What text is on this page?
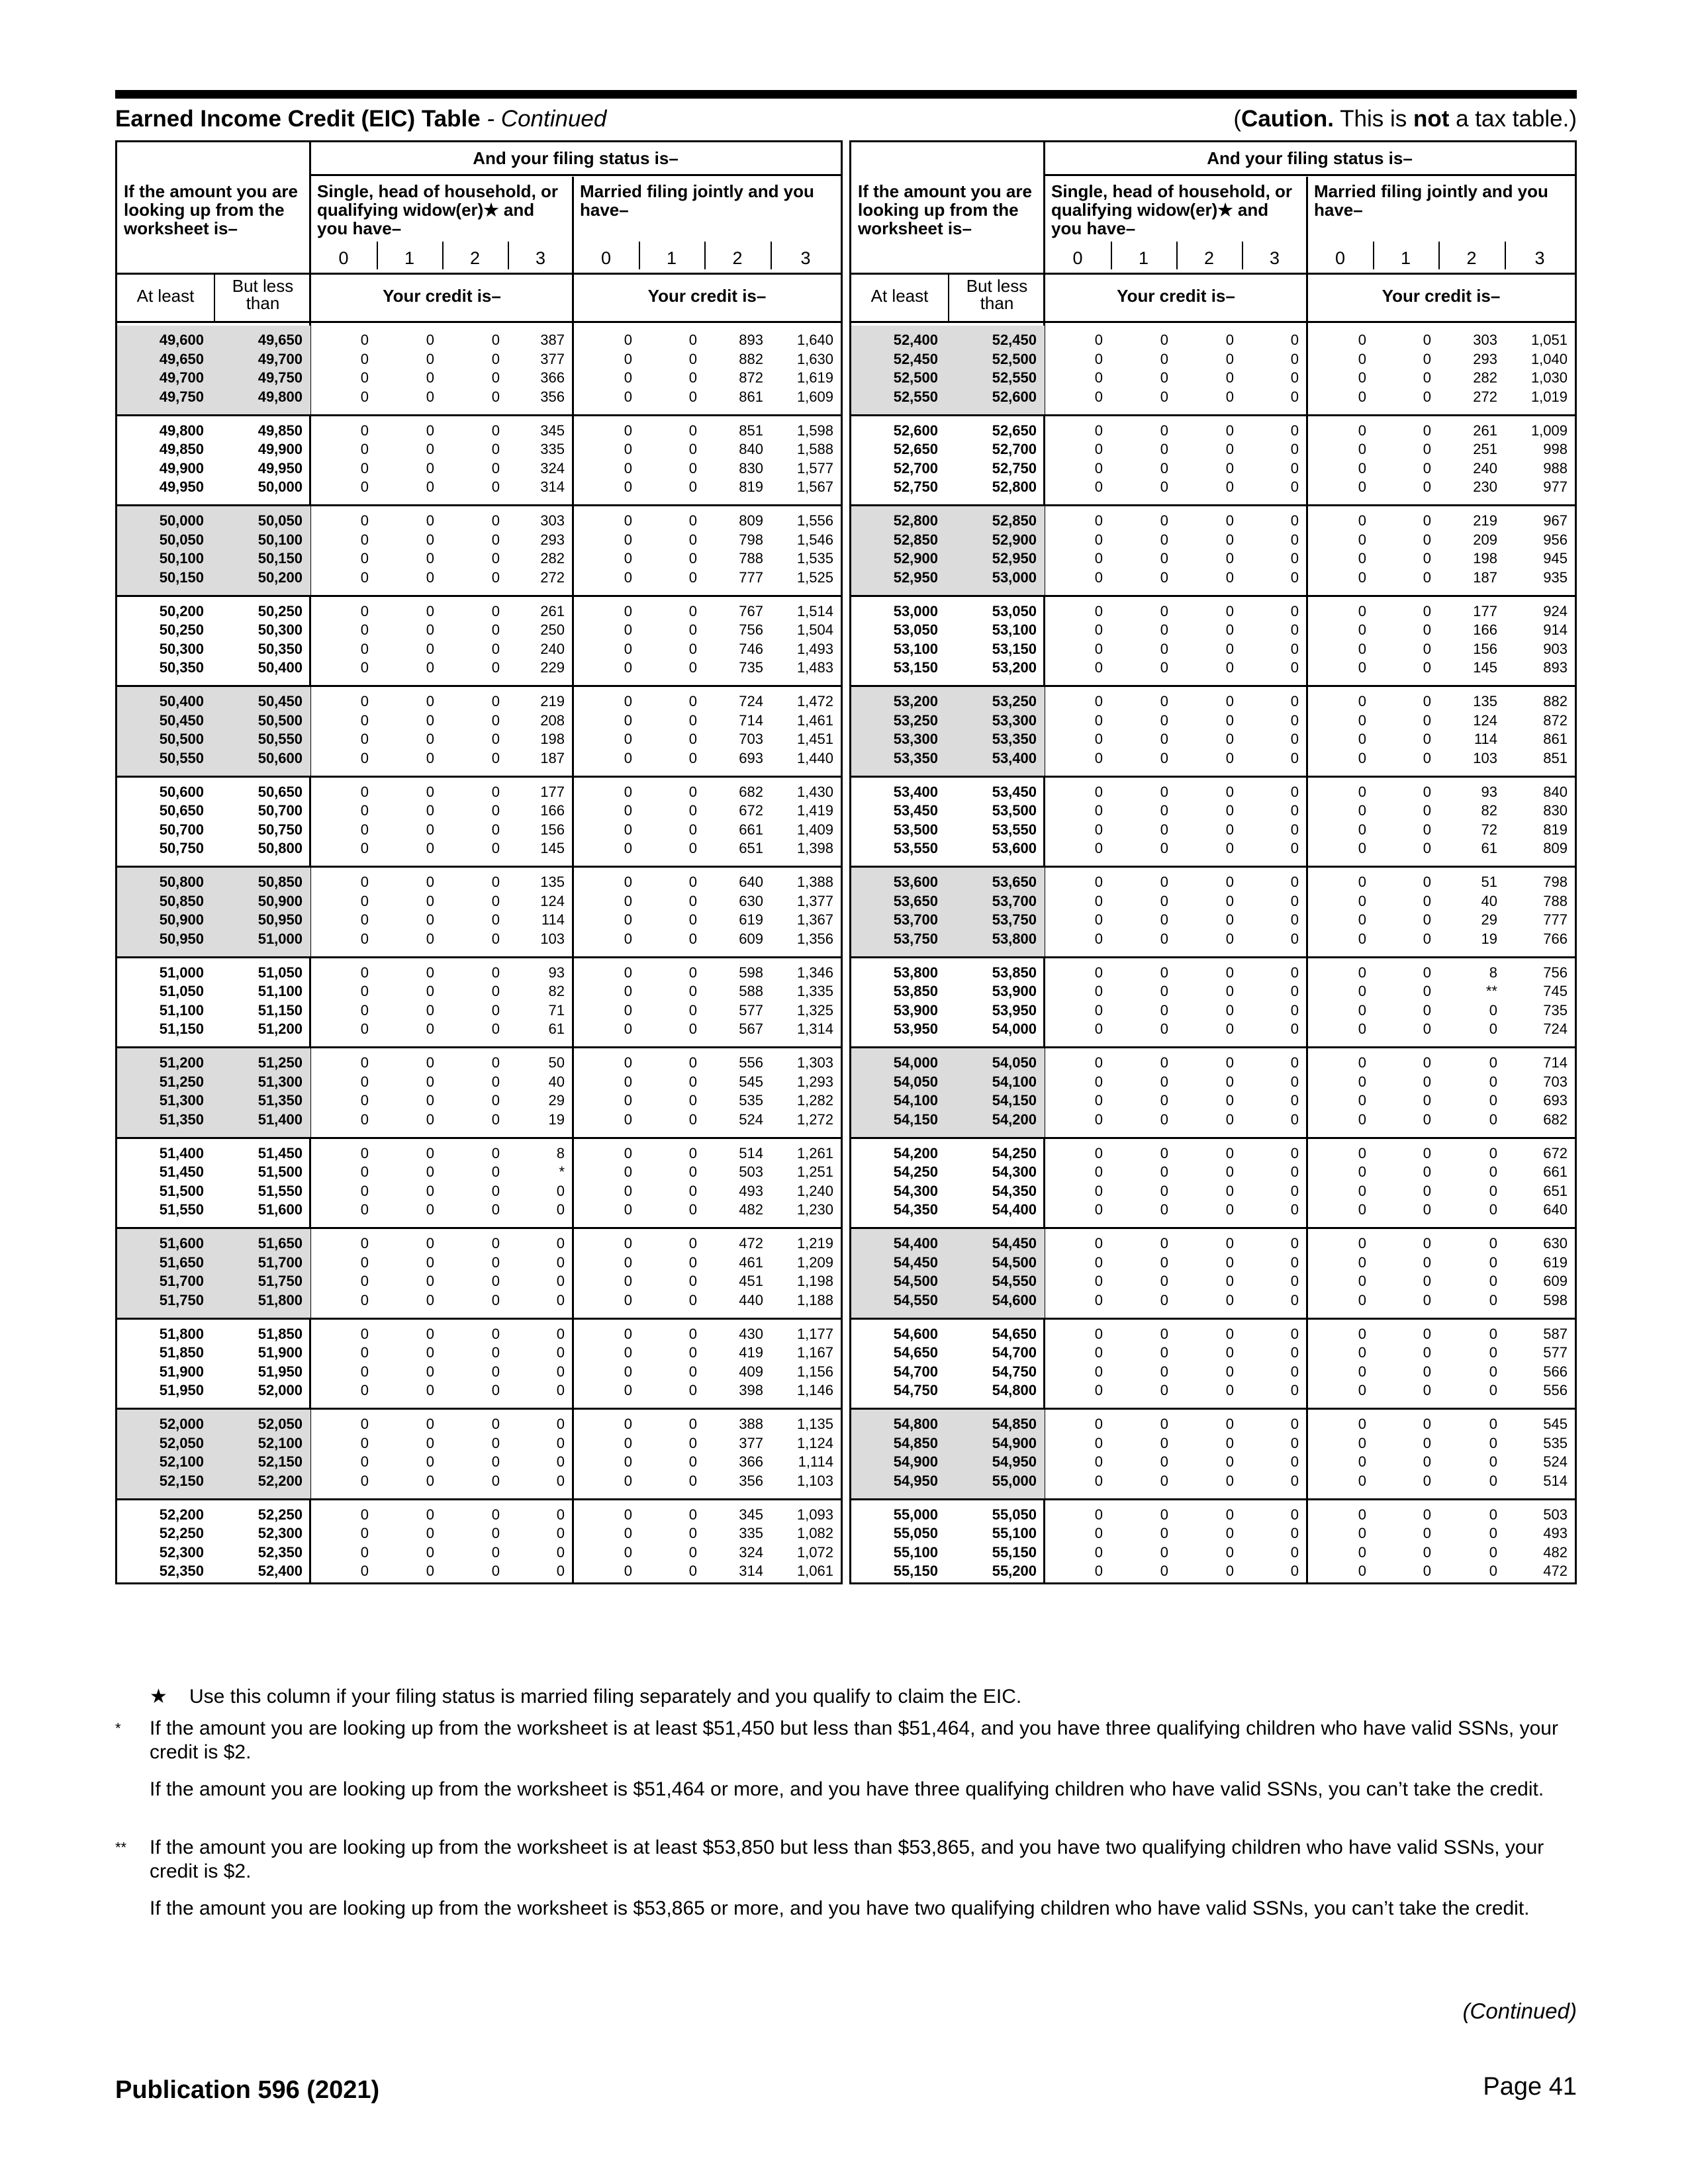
Earned Income Credit (EIC) Table - Continued	(Caution. This is not a tax table.)
And your filing status is–
If the amount you are looking up from the worksheet is–
Single, head of household, or qualifying widow(er)★ and you have–
Married filing jointly and you have–
0	1	2	3	0	1	2	3
At least	But less than	Your credit is–	Your credit is–
49,600	49,650	0	0	0	387	0	0	893	1,640
49,650	49,700	0	0	0	377	0	0	882	1,630
49,700	49,750	0	0	0	366	0	0	872	1,619
49,750	49,800	0	0	0	356	0	0	861	1,609
49,800	49,850	0	0	0	345	0	0	851	1,598
49,850	49,900	0	0	0	335	0	0	840	1,588
49,900	49,950	0	0	0	324	0	0	830	1,577
49,950	50,000	0	0	0	314	0	0	819	1,567
50,000	50,050	0	0	0	303	0	0	809	1,556
50,050	50,100	0	0	0	293	0	0	798	1,546
50,100	50,150	0	0	0	282	0	0	788	1,535
50,150	50,200	0	0	0	272	0	0	777	1,525
50,200	50,250	0	0	0	261	0	0	767	1,514
50,250	50,300	0	0	0	250	0	0	756	1,504
50,300	50,350	0	0	0	240	0	0	746	1,493
50,350	50,400	0	0	0	229	0	0	735	1,483
50,400	50,450	0	0	0	219	0	0	724	1,472
50,450	50,500	0	0	0	208	0	0	714	1,461
50,500	50,550	0	0	0	198	0	0	703	1,451
50,550	50,600	0	0	0	187	0	0	693	1,440
50,600	50,650	0	0	0	177	0	0	682	1,430
50,650	50,700	0	0	0	166	0	0	672	1,419
50,700	50,750	0	0	0	156	0	0	661	1,409
50,750	50,800	0	0	0	145	0	0	651	1,398
50,800	50,850	0	0	0	135	0	0	640	1,388
50,850	50,900	0	0	0	124	0	0	630	1,377
50,900	50,950	0	0	0	114	0	0	619	1,367
50,950	51,000	0	0	0	103	0	0	609	1,356
51,000	51,050	0	0	0	93	0	0	598	1,346
51,050	51,100	0	0	0	82	0	0	588	1,335
51,100	51,150	0	0	0	71	0	0	577	1,325
51,150	51,200	0	0	0	61	0	0	567	1,314
51,200	51,250	0	0	0	50	0	0	556	1,303
51,250	51,300	0	0	0	40	0	0	545	1,293
51,300	51,350	0	0	0	29	0	0	535	1,282
51,350	51,400	0	0	0	19	0	0	524	1,272
51,400	51,450	0	0	0	8	0	0	514	1,261
51,450	51,500	0	0	0	*	0	0	503	1,251
51,500	51,550	0	0	0	0	0	0	493	1,240
51,550	51,600	0	0	0	0	0	0	482	1,230
51,600	51,650	0	0	0	0	0	0	472	1,219
51,650	51,700	0	0	0	0	0	0	461	1,209
51,700	51,750	0	0	0	0	0	0	451	1,198
51,750	51,800	0	0	0	0	0	0	440	1,188
51,800	51,850	0	0	0	0	0	0	430	1,177
51,850	51,900	0	0	0	0	0	0	419	1,167
51,900	51,950	0	0	0	0	0	0	409	1,156
51,950	52,000	0	0	0	0	0	0	398	1,146
52,000	52,050	0	0	0	0	0	0	388	1,135
52,050	52,100	0	0	0	0	0	0	377	1,124
52,100	52,150	0	0	0	0	0	0	366	1,114
52,150	52,200	0	0	0	0	0	0	356	1,103
52,200	52,250	0	0	0	0	0	0	345	1,093
52,250	52,300	0	0	0	0	0	0	335	1,082
52,300	52,350	0	0	0	0	0	0	324	1,072
52,350	52,400	0	0	0	0	0	0	314	1,061
And your filing status is–
If the amount you are looking up from the worksheet is–
Single, head of household, or qualifying widow(er)★ and you have–
Married filing jointly and you have–
0	1	2	3	0	1	2	3
At least	But less than	Your credit is–	Your credit is–
52,400	52,450	0	0	0	0	0	0	303	1,051
52,450	52,500	0	0	0	0	0	0	293	1,040
52,500	52,550	0	0	0	0	0	0	282	1,030
52,550	52,600	0	0	0	0	0	0	272	1,019
52,600	52,650	0	0	0	0	0	0	261	1,009
52,650	52,700	0	0	0	0	0	0	251	998
52,700	52,750	0	0	0	0	0	0	240	988
52,750	52,800	0	0	0	0	0	0	230	977
52,800	52,850	0	0	0	0	0	0	219	967
52,850	52,900	0	0	0	0	0	0	209	956
52,900	52,950	0	0	0	0	0	0	198	945
52,950	53,000	0	0	0	0	0	0	187	935
53,000	53,050	0	0	0	0	0	0	177	924
53,050	53,100	0	0	0	0	0	0	166	914
53,100	53,150	0	0	0	0	0	0	156	903
53,150	53,200	0	0	0	0	0	0	145	893
53,200	53,250	0	0	0	0	0	0	135	882
53,250	53,300	0	0	0	0	0	0	124	872
53,300	53,350	0	0	0	0	0	0	114	861
53,350	53,400	0	0	0	0	0	0	103	851
53,400	53,450	0	0	0	0	0	0	93	840
53,450	53,500	0	0	0	0	0	0	82	830
53,500	53,550	0	0	0	0	0	0	72	819
53,550	53,600	0	0	0	0	0	0	61	809
53,600	53,650	0	0	0	0	0	0	51	798
53,650	53,700	0	0	0	0	0	0	40	788
53,700	53,750	0	0	0	0	0	0	29	777
53,750	53,800	0	0	0	0	0	0	19	766
53,800	53,850	0	0	0	0	0	0	8	756
53,850	53,900	0	0	0	0	0	0	**	745
53,900	53,950	0	0	0	0	0	0	0	735
53,950	54,000	0	0	0	0	0	0	0	724
54,000	54,050	0	0	0	0	0	0	0	714
54,050	54,100	0	0	0	0	0	0	0	703
54,100	54,150	0	0	0	0	0	0	0	693
54,150	54,200	0	0	0	0	0	0	0	682
54,200	54,250	0	0	0	0	0	0	0	672
54,250	54,300	0	0	0	0	0	0	0	661
54,300	54,350	0	0	0	0	0	0	0	651
54,350	54,400	0	0	0	0	0	0	0	640
54,400	54,450	0	0	0	0	0	0	0	630
54,450	54,500	0	0	0	0	0	0	0	619
54,500	54,550	0	0	0	0	0	0	0	609
54,550	54,600	0	0	0	0	0	0	0	598
54,600	54,650	0	0	0	0	0	0	0	587
54,650	54,700	0	0	0	0	0	0	0	577
54,700	54,750	0	0	0	0	0	0	0	566
54,750	54,800	0	0	0	0	0	0	0	556
54,800	54,850	0	0	0	0	0	0	0	545
54,850	54,900	0	0	0	0	0	0	0	535
54,900	54,950	0	0	0	0	0	0	0	524
54,950	55,000	0	0	0	0	0	0	0	514
55,000	55,050	0	0	0	0	0	0	0	503
55,050	55,100	0	0	0	0	0	0	0	493
55,100	55,150	0	0	0	0	0	0	0	482
55,150	55,200	0	0	0	0	0	0	0	472
★ Use this column if your filing status is married filing separately and you qualify to claim the EIC.
* If the amount you are looking up from the worksheet is at least $51,450 but less than $51,464, and you have three qualifying children who have valid SSNs, your credit is $2.
If the amount you are looking up from the worksheet is $51,464 or more, and you have three qualifying children who have valid SSNs, you can’t take the credit.
** If the amount you are looking up from the worksheet is at least $53,850 but less than $53,865, and you have two qualifying children who have valid SSNs, your credit is $2.
If the amount you are looking up from the worksheet is $53,865 or more, and you have two qualifying children who have valid SSNs, you can’t take the credit.
(Continued)
Publication 596 (2021)	Page 41
